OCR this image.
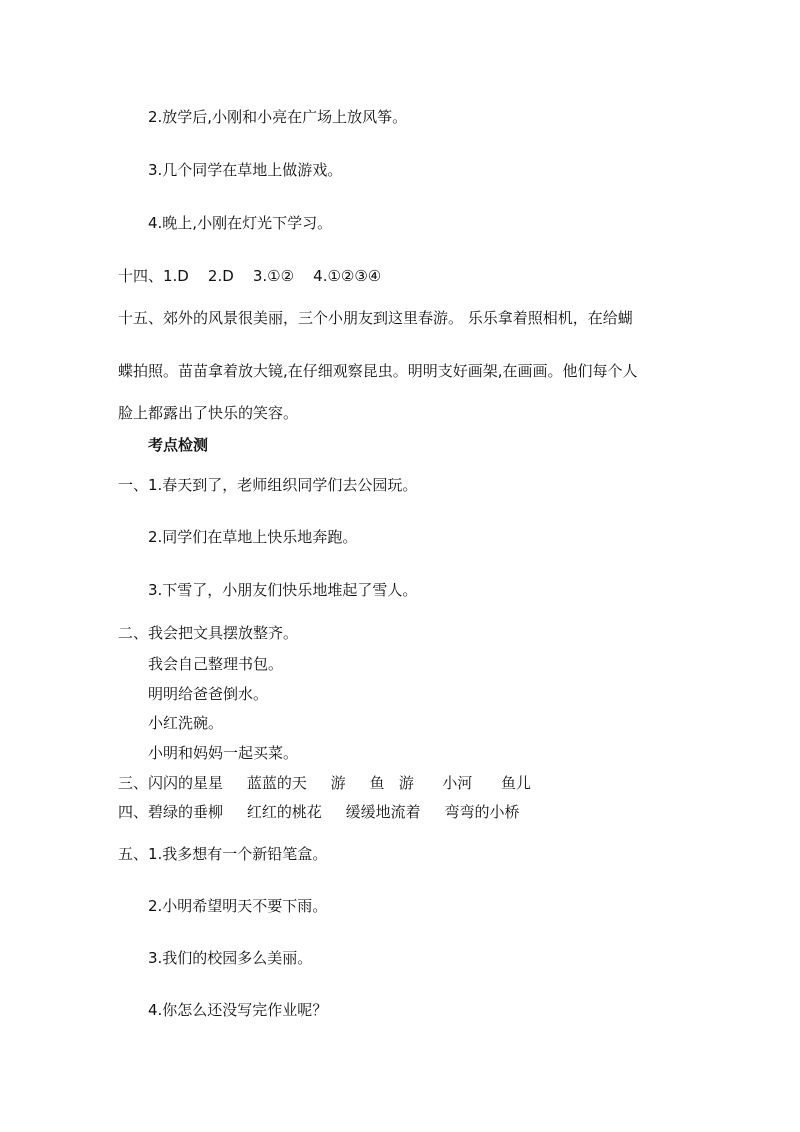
2.放学后,小刚和小亮在广场上放风筝。
3.几个同学在草地上做游戏。
4.晚上,小刚在灯光下学习。
十四、1.D    2.D    3.①②    4.①②③④
十五、郊外的风景很美丽，三个小朋友到这里春游。 乐乐拿着照相机，在给蝴
蝶拍照。苗苗拿着放大镜,在仔细观察昆虫。明明支好画架,在画画。他们每个人
脸上都露出了快乐的笑容。
考点检测
一、1.春天到了，老师组织同学们去公园玩。
2.同学们在草地上快乐地奔跑。
3.下雪了，小朋友们快乐地堆起了雪人。
二、我会把文具摆放整齐。
我会自己整理书包。
明明给爸爸倒水。
小红洗碗。
小明和妈妈一起买菜。
三、闪闪的星星     蓝蓝的天     游     鱼   游      小河      鱼儿
四、碧绿的垂柳     红红的桃花     缓缓地流着     弯弯的小桥
五、1.我多想有一个新铅笔盒。
2.小明希望明天不要下雨。
3.我们的校园多么美丽。
4.你怎么还没写完作业呢？
